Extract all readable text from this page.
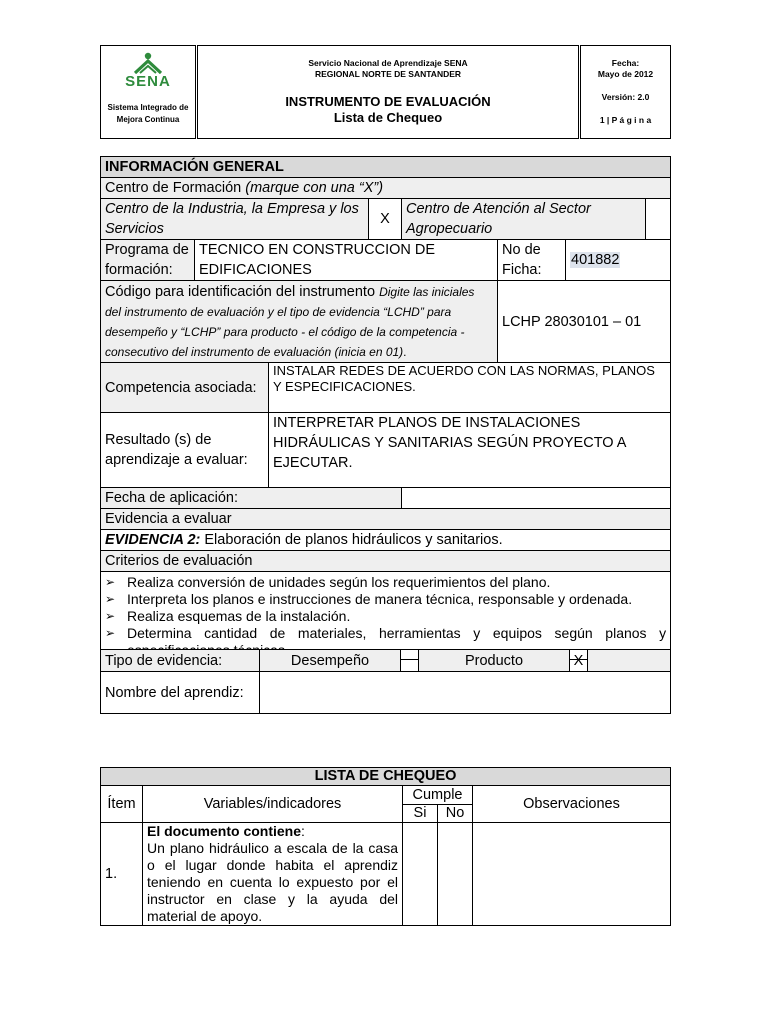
SENA
Sistema Integrado de
Mejora Continua

Servicio Nacional de Aprendizaje SENA
REGIONAL NORTE DE SANTANDER
INSTRUMENTO DE EVALUACIÓN
Lista de Chequeo

Fecha:
Mayo de 2012
Versión: 2.0
1 | P á g i n a
INFORMACIÓN GENERAL							
Centro de Formación (marque con una “X”)							
Centro de la Industria, la Empresa y los Servicios			X	Centro de Atención al Sector Agropecuario			
Programa de formación:	TECNICO EN CONSTRUCCION DE EDIFICACIONES				No de Ficha:	401882	
Código para identificación del instrumento Digite las iniciales del instrumento de evaluación y el tipo de evidencia “LCHD” para desempeño y “LCHP” para producto - el código de la competencia - consecutivo del instrumento de evaluación (inicia en 01).					LCHP 28030101 – 01		
Competencia asociada:		INSTALAR REDES DE ACUERDO CON LAS NORMAS, PLANOS Y ESPECIFICACIONES.					
Resultado (s) de aprendizaje a evaluar:		INTERPRETAR PLANOS DE INSTALACIONES HIDRÁULICAS Y SANITARIAS SEGÚN PROYECTO A EJECUTAR.					
Fecha de aplicación:							
Evidencia a evaluar							
EVIDENCIA 2: Elaboración de planos hidráulicos y sanitarios.							
Criterios de evaluación							

➢ Realiza conversión de unidades según los requerimientos del plano.
➢ Interpreta los planos e instrucciones de manera técnica, responsable y ordenada.
➢ Realiza esquemas de la instalación.
➢ Determina cantidad de materiales, herramientas y equipos según planos y
Tipo de evidencia:	Desempeño		Producto	X	
Nombre del aprendiz:	
LISTA DE CHEQUEO				
Ítem	Variables/indicadores	Cumple		Observaciones
		Si	No	
1.	El documento contiene:
Un plano hidráulico a escala de la casa o el lugar donde habita el aprendiz teniendo en cuenta lo expuesto por el instructor en clase y la ayuda del material de apoyo.			
